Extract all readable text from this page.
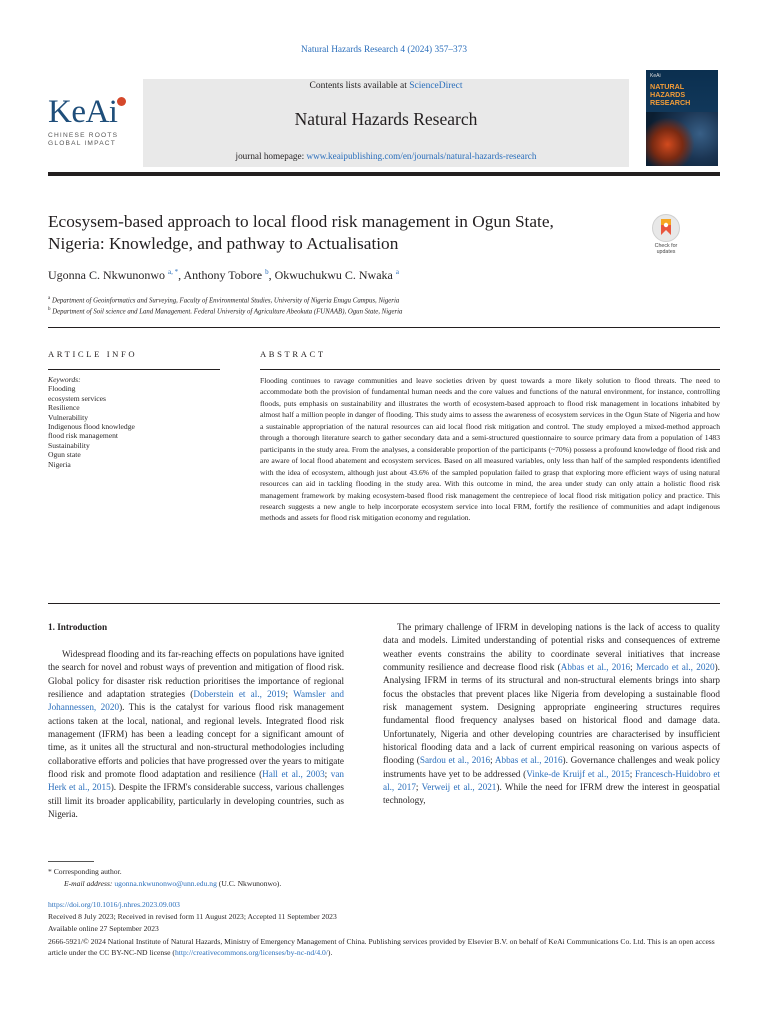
Natural Hazards Research 4 (2024) 357–373
KeAi
CHINESE ROOTS
GLOBAL IMPACT
Contents lists available at ScienceDirect
Natural Hazards Research
journal homepage: www.keaipublishing.com/en/journals/natural-hazards-research
KeAi
NATURAL
HAZARDS
RESEARCH
Ecosysem-based approach to local flood risk management in Ogun State,
Nigeria: Knowledge, and pathway to Actualisation	Check for
updates
Ugonna C. Nkwunonwo $^{a, *}$, Anthony Tobore $^b$, Okwuchukwu C. Nwaka $^a$
$^a$ Department of Geoinformatics and Surveying, Faculty of Environmental Studies, University of Nigeria Enugu Campus, Nigeria
$^b$ Department of Soil science and Land Management. Federal University of Agriculture Abeokuta (FUNAAB), Ogun State, Nigeria
ARTICLE INFO	ABSTRACT
Keywords:
Flooding
ecosystem services
Resilience
Vulnerability
Indigenous flood knowledge
flood risk management
Sustainability
Ogun state
Nigeria
Flooding continues to ravage communities and leave societies driven by quest towards a more likely solution to flood threats. The need to accommodate both the provision of fundamental human needs and the core values and functions of the natural environment, for instance, controlling floods, puts emphasis on sustainability and illustrates the worth of ecosystem-based approach to flood risk management in locations inhabited by almost half a million people in danger of flooding. This study aims to assess the awareness of ecosystem services in the Ogun State of Nigeria and how a sustainable appropriation of the natural resources can aid local flood risk mitigation and control. The study employed a mixed-method approach through a thorough literature search to gather secondary data and a semi-structured questionnaire to source primary data from a population of 1483 participants in the study area. From the analyses, a considerable proportion of the participants (~70%) possess a profound knowledge of flood risk and are aware of local flood abatement and ecosystem services. Based on all measured variables, only less than half of the sampled respondents identified with the idea of ecosystem, although just about 43.6% of the sampled population failed to grasp that exploring more efficient ways of using natural resources can aid in tackling flooding in the study area. With this outcome in mind, the area under study can only attain a holistic flood risk management framework by making ecosystem-based flood risk management the centrepiece of local flood risk mitigation policy and practice. This research suggests a new angle to help incorporate ecosystem service into local FRM, fortify the resilience of communities and adapt indigenous methods and assets for flood risk mitigation economy and regulation.
1. Introduction

Widespread flooding and its far-reaching effects on populations have ignited the search for novel and robust ways of prevention and mitigation of flood risk. Global policy for disaster risk reduction prioritises the importance of regional resilience and adaptation strategies (Doberstein et al., 2019; Wamsler and Johannessen, 2020). This is the catalyst for various flood risk management actions taken at the local, national, and regional levels. Integrated flood risk management (IFRM) has been a leading concept for a significant amount of time, as it unites all the structural and non-structural methodologies including collaborative efforts and policies that have progressed over the years to mitigate flood risk and promote flood adaptation and resilience (Hall et al., 2003; van Herk et al., 2015). Despite the IFRM's considerable success, various challenges still limit its broader applicability, particularly in developing countries, such as Nigeria.

The primary challenge of IFRM in developing nations is the lack of access to quality data and models. Limited understanding of potential risks and consequences of extreme weather events constrains the ability to coordinate several initiatives that increase community resilience and decrease flood risk (Abbas et al., 2016; Mercado et al., 2020). Analysing IFRM in terms of its structural and non-structural elements brings into sharp focus the obstacles that prevent places like Nigeria from developing a sustainable flood risk management system. Designing appropriate engineering structures requires fundamental flood frequency analyses based on historical flood and damage data. Unfortunately, Nigeria and other developing countries are characterised by insufficient historical flooding data and a lack of current empirical reasoning on various aspects of flooding (Sardou et al., 2016; Abbas et al., 2016). Governance challenges and weak policy instruments have yet to be addressed (Vinke-de Kruijf et al., 2015; Francesch-Huidobro et al., 2017; Verweij et al., 2021). While the need for IFRM drew the interest in geospatial technology,

* Corresponding author.
E-mail address: ugonna.nkwunonwo@unn.edu.ng (U.C. Nkwunonwo).
https://doi.org/10.1016/j.nhres.2023.09.003
Received 8 July 2023; Received in revised form 11 August 2023; Accepted 11 September 2023
Available online 27 September 2023
2666-5921/© 2024 National Institute of Natural Hazards, Ministry of Emergency Management of China. Publishing services provided by Elsevier B.V. on behalf of KeAi Communications Co. Ltd. This is an open access article under the CC BY-NC-ND license (http://creativecommons.org/licenses/by-nc-nd/4.0/).
